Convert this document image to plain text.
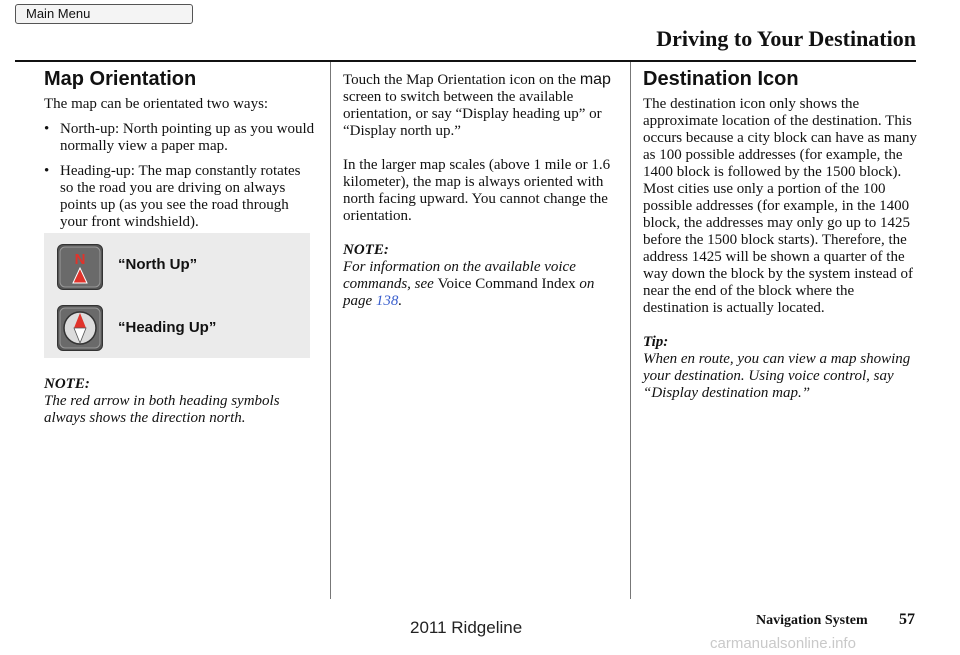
Main Menu
Driving to Your Destination
Map Orientation

The map can be orientated two ways:

• North-up: North pointing up as you would normally view a paper map.
• Heading-up: The map constantly rotates so the road you are driving on always points up (as you see the road through your front windshield).
N “North Up”
“Heading Up”

NOTE:

The red arrow in both heading symbols always shows the direction north.

Touch the Map Orientation icon on the map screen to switch between the available orientation, or say “Display heading up” or “Display north up.”

In the larger map scales (above 1 mile or 1.6 kilometer), the map is always oriented with north facing upward. You cannot change the orientation.

NOTE:

For information on the available voice commands, see Voice Command Index on page 138.

Destination Icon

The destination icon only shows the approximate location of the destination. This occurs because a city block can have as many as 100 possible addresses (for example, the 1400 block is followed by the 1500 block). Most cities use only a portion of the 100 possible addresses (for example, in the 1400 block, the addresses may only go up to 1425 before the 1500 block starts). Therefore, the address 1425 will be shown a quarter of the way down the block by the system instead of near the end of the block where the destination is actually located.

Tip:

When en route, you can view a map showing your destination. Using voice control, say “Display destination map.”

Navigation System 57
2011 Ridgeline
carmanualsonline.info
